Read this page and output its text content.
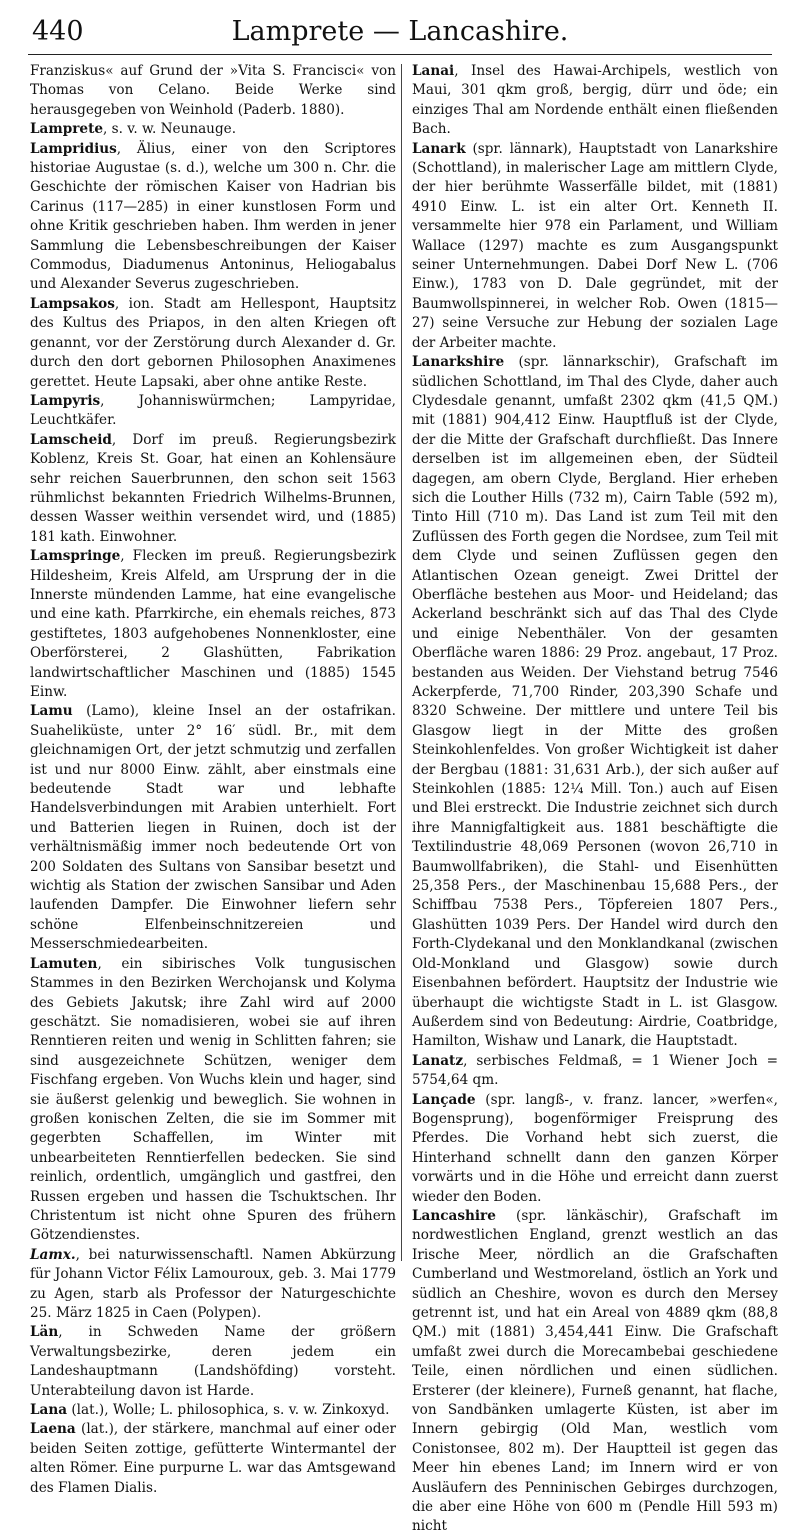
440	Lamprete — Lancashire.

Franziskus« auf Grund der »Vita S. Francisci« von Thomas von Celano. Beide Werke sind herausgegeben von Weinhold (Paderb. 1880).

Lamprete, s. v. w. Neunauge.

Lampridius, Älius, einer von den Scriptores historiae Augustae (s. d.), welche um 300 n. Chr. die Geschichte der römischen Kaiser von Hadrian bis Carinus (117—285) in einer kunstlosen Form und ohne Kritik geschrieben haben. Ihm werden in jener Sammlung die Lebensbeschreibungen der Kaiser Commodus, Diadumenus Antoninus, Heliogabalus und Alexander Severus zugeschrieben.

Lampsakos, ion. Stadt am Hellespont, Hauptsitz des Kultus des Priapos, in den alten Kriegen oft genannt, vor der Zerstörung durch Alexander d. Gr. durch den dort gebornen Philosophen Anaximenes gerettet. Heute Lapsaki, aber ohne antike Reste.

Lampyris, Johanniswürmchen; Lampyridae, Leuchtkäfer.

Lamscheid, Dorf im preuß. Regierungsbezirk Koblenz, Kreis St. Goar, hat einen an Kohlensäure sehr reichen Sauerbrunnen, den schon seit 1563 rühmlichst bekannten Friedrich Wilhelms-Brunnen, dessen Wasser weithin versendet wird, und (1885) 181 kath. Einwohner.

Lamspringe, Flecken im preuß. Regierungsbezirk Hildesheim, Kreis Alfeld, am Ursprung der in die Innerste mündenden Lamme, hat eine evangelische und eine kath. Pfarrkirche, ein ehemals reiches, 873 gestiftetes, 1803 aufgehobenes Nonnenkloster, eine Oberförsterei, 2 Glashütten, Fabrikation landwirtschaftlicher Maschinen und (1885) 1545 Einw.

Lamu (Lamo), kleine Insel an der ostafrikan. Suaheliküste, unter 2° 16′ südl. Br., mit dem gleichnamigen Ort, der jetzt schmutzig und zerfallen ist und nur 8000 Einw. zählt, aber einstmals eine bedeutende Stadt war und lebhafte Handelsverbindungen mit Arabien unterhielt. Fort und Batterien liegen in Ruinen, doch ist der verhältnismäßig immer noch bedeutende Ort von 200 Soldaten des Sultans von Sansibar besetzt und wichtig als Station der zwischen Sansibar und Aden laufenden Dampfer. Die Einwohner liefern sehr schöne Elfenbeinschnitzereien und Messerschmiedearbeiten.

Lamuten, ein sibirisches Volk tungusischen Stammes in den Bezirken Werchojansk und Kolyma des Gebiets Jakutsk; ihre Zahl wird auf 2000 geschätzt. Sie nomadisieren, wobei sie auf ihren Renntieren reiten und wenig in Schlitten fahren; sie sind ausgezeichnete Schützen, weniger dem Fischfang ergeben. Von Wuchs klein und hager, sind sie äußerst gelenkig und beweglich. Sie wohnen in großen konischen Zelten, die sie im Sommer mit gegerbten Schaffellen, im Winter mit unbearbeiteten Renntierfellen bedecken. Sie sind reinlich, ordentlich, umgänglich und gastfrei, den Russen ergeben und hassen die Tschuktschen. Ihr Christentum ist nicht ohne Spuren des frühern Götzendienstes.

Lamx., bei naturwissenschaftl. Namen Abkürzung für Johann Victor Félix Lamouroux, geb. 3. Mai 1779 zu Agen, starb als Professor der Naturgeschichte 25. März 1825 in Caen (Polypen).

Län, in Schweden Name der größern Verwaltungsbezirke, deren jedem ein Landeshauptmann (Landshöfding) vorsteht. Unterabteilung davon ist Harde.

Lana (lat.), Wolle; L. philosophica, s. v. w. Zinkoxyd.

Laena (lat.), der stärkere, manchmal auf einer oder beiden Seiten zottige, gefütterte Wintermantel der alten Römer. Eine purpurne L. war das Amtsgewand des Flamen Dialis.

Lanai, Insel des Hawai-Archipels, westlich von Maui, 301 qkm groß, bergig, dürr und öde; ein einziges Thal am Nordende enthält einen fließenden Bach.

Lanark (spr. lännark), Hauptstadt von Lanarkshire (Schottland), in malerischer Lage am mittlern Clyde, der hier berühmte Wasserfälle bildet, mit (1881) 4910 Einw. L. ist ein alter Ort. Kenneth II. versammelte hier 978 ein Parlament, und William Wallace (1297) machte es zum Ausgangspunkt seiner Unternehmungen. Dabei Dorf New L. (706 Einw.), 1783 von D. Dale gegründet, mit der Baumwollspinnerei, in welcher Rob. Owen (1815—27) seine Versuche zur Hebung der sozialen Lage der Arbeiter machte.

Lanarkshire (spr. lännarkschir), Grafschaft im südlichen Schottland, im Thal des Clyde, daher auch Clydesdale genannt, umfaßt 2302 qkm (41,5 QM.) mit (1881) 904,412 Einw. Hauptfluß ist der Clyde, der die Mitte der Grafschaft durchfließt. Das Innere derselben ist im allgemeinen eben, der Südteil dagegen, am obern Clyde, Bergland. Hier erheben sich die Louther Hills (732 m), Cairn Table (592 m), Tinto Hill (710 m). Das Land ist zum Teil mit den Zuflüssen des Forth gegen die Nordsee, zum Teil mit dem Clyde und seinen Zuflüssen gegen den Atlantischen Ozean geneigt. Zwei Drittel der Oberfläche bestehen aus Moor- und Heideland; das Ackerland beschränkt sich auf das Thal des Clyde und einige Nebenthäler. Von der gesamten Oberfläche waren 1886: 29 Proz. angebaut, 17 Proz. bestanden aus Weiden. Der Viehstand betrug 7546 Ackerpferde, 71,700 Rinder, 203,390 Schafe und 8320 Schweine. Der mittlere und untere Teil bis Glasgow liegt in der Mitte des großen Steinkohlenfeldes. Von großer Wichtigkeit ist daher der Bergbau (1881: 31,631 Arb.), der sich außer auf Steinkohlen (1885: 12¼ Mill. Ton.) auch auf Eisen und Blei erstreckt. Die Industrie zeichnet sich durch ihre Mannigfaltigkeit aus. 1881 beschäftigte die Textilindustrie 48,069 Personen (wovon 26,710 in Baumwollfabriken), die Stahl- und Eisenhütten 25,358 Pers., der Maschinenbau 15,688 Pers., der Schiffbau 7538 Pers., Töpfereien 1807 Pers., Glashütten 1039 Pers. Der Handel wird durch den Forth-Clydekanal und den Monklandkanal (zwischen Old-Monkland und Glasgow) sowie durch Eisenbahnen befördert. Hauptsitz der Industrie wie überhaupt die wichtigste Stadt in L. ist Glasgow. Außerdem sind von Bedeutung: Airdrie, Coatbridge, Hamilton, Wishaw und Lanark, die Hauptstadt.

Lanatz, serbisches Feldmaß, = 1 Wiener Joch = 5754,64 qm.

Lançade (spr. langß-, v. franz. lancer, »werfen«, Bogensprung), bogenförmiger Freisprung des Pferdes. Die Vorhand hebt sich zuerst, die Hinterhand schnellt dann den ganzen Körper vorwärts und in die Höhe und erreicht dann zuerst wieder den Boden.

Lancashire (spr. länkäschir), Grafschaft im nordwestlichen England, grenzt westlich an das Irische Meer, nördlich an die Grafschaften Cumberland und Westmoreland, östlich an York und südlich an Cheshire, wovon es durch den Mersey getrennt ist, und hat ein Areal von 4889 qkm (88,8 QM.) mit (1881) 3,454,441 Einw. Die Grafschaft umfaßt zwei durch die Morecambebai geschiedene Teile, einen nördlichen und einen südlichen. Ersterer (der kleinere), Furneß genannt, hat flache, von Sandbänken umlagerte Küsten, ist aber im Innern gebirgig (Old Man, westlich vom Conistonsee, 802 m). Der Hauptteil ist gegen das Meer hin ebenes Land; im Innern wird er von Ausläufern des Penninischen Gebirges durchzogen, die aber eine Höhe von 600 m (Pendle Hill 593 m) nicht
